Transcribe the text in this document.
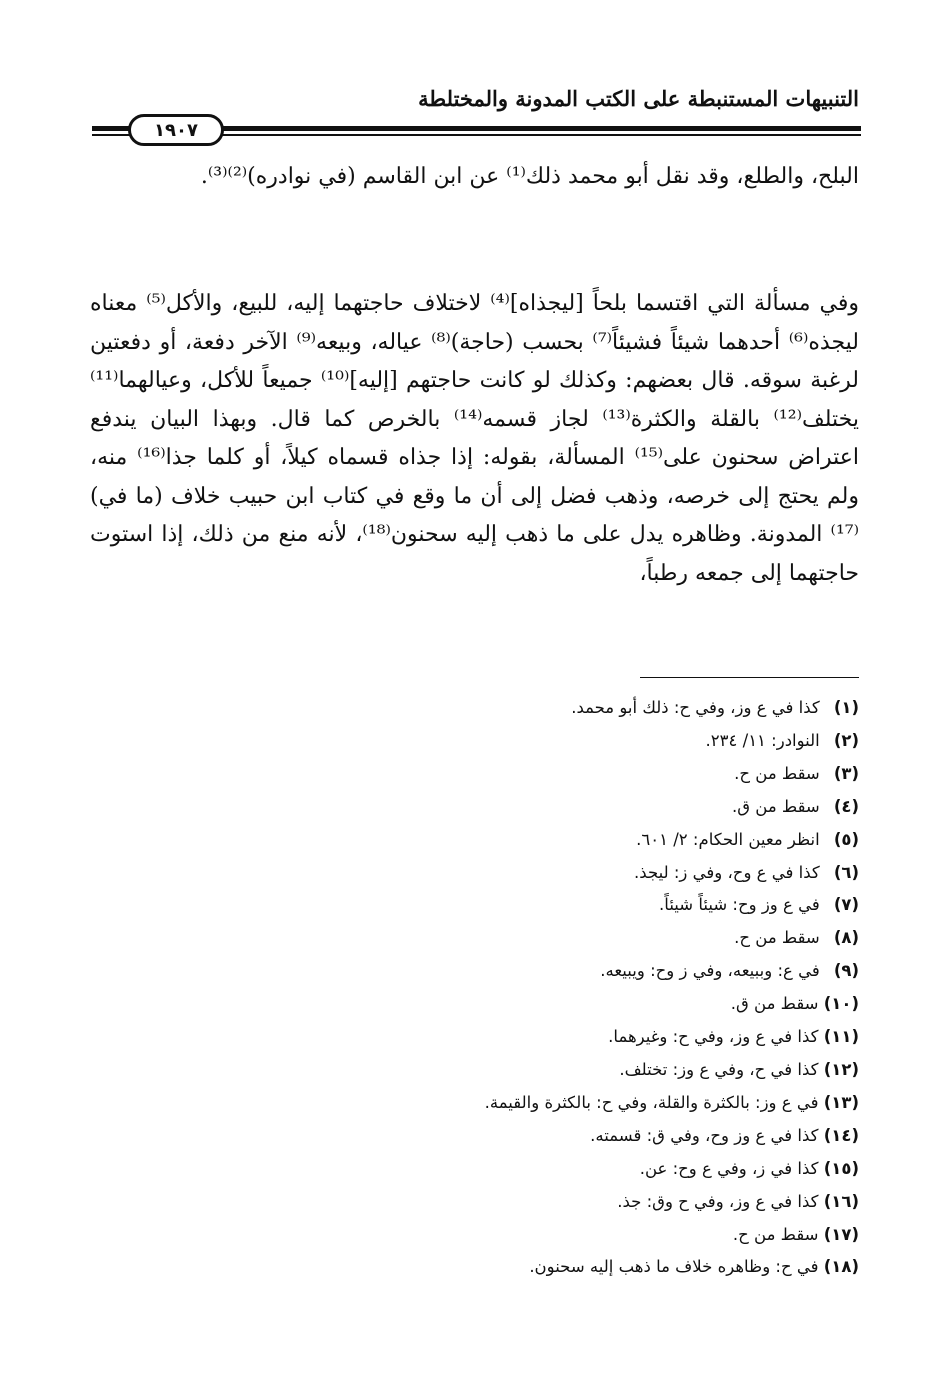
التنبيهات المستنبطة على الكتب المدونة والمختلطة
١٩٠٧
البلح، والطلع، وقد نقل أبو محمد ذلك⁽¹⁾ عن ابن القاسم (في نوادره)⁽²⁾⁽³⁾.
وفي مسألة التي اقتسما بلحاً [ليجذاه]⁽⁴⁾ لاختلاف حاجتهما إليه، للبيع، والأكل⁽⁵⁾ معناه ليجذه⁽⁶⁾ أحدهما شيئاً فشيئاً⁽⁷⁾ بحسب (حاجة)⁽⁸⁾ عياله، وبيعه⁽⁹⁾ الآخر دفعة، أو دفعتين لرغبة سوقه. قال بعضهم: وكذلك لو كانت حاجتهم [إليه]⁽¹⁰⁾ جميعاً للأكل، وعيالهما⁽¹¹⁾ يختلف⁽¹²⁾ بالقلة والكثرة⁽¹³⁾ لجاز قسمه⁽¹⁴⁾ بالخرص كما قال. وبهذا البيان يندفع اعتراض سحنون على⁽¹⁵⁾ المسألة، بقوله: إذا جذاه قسماه كيلاً، أو كلما جذا⁽¹⁶⁾ منه، ولم يحتج إلى خرصه، وذهب فضل إلى أن ما وقع في كتاب ابن حبيب خلاف (ما في)⁽¹⁷⁾ المدونة. وظاهره يدل على ما ذهب إليه سحنون⁽¹⁸⁾، لأنه منع من ذلك، إذا استوت حاجتهما إلى جمعه رطباً،
(١) كذا في ع وز، وفي ح: ذلك أبو محمد.
(٢) النوادر: ١١/ ٢٣٤.
(٣) سقط من ح.
(٤) سقط من ق.
(٥) انظر معين الحكام: ٢/ ٦٠١.
(٦) كذا في ع وح، وفي ز: ليجذ.
(٧) في ع وز وح: شيئاً شيئاً.
(٨) سقط من ح.
(٩) في ع: وببيعه، وفي ز وح: ويبيعه.
(١٠) سقط من ق.
(١١) كذا في ع وز، وفي ح: وغيرهما.
(١٢) كذا في ح، وفي ع وز: تختلف.
(١٣) في ع وز: بالكثرة والقلة، وفي ح: بالكثرة والقيمة.
(١٤) كذا في ع وز وح، وفي ق: قسمته.
(١٥) كذا في ز، وفي ع وح: عن.
(١٦) كذا في ع وز، وفي ح وق: جذ.
(١٧) سقط من ح.
(١٨) في ح: وظاهره خلاف ما ذهب إليه سحنون.
